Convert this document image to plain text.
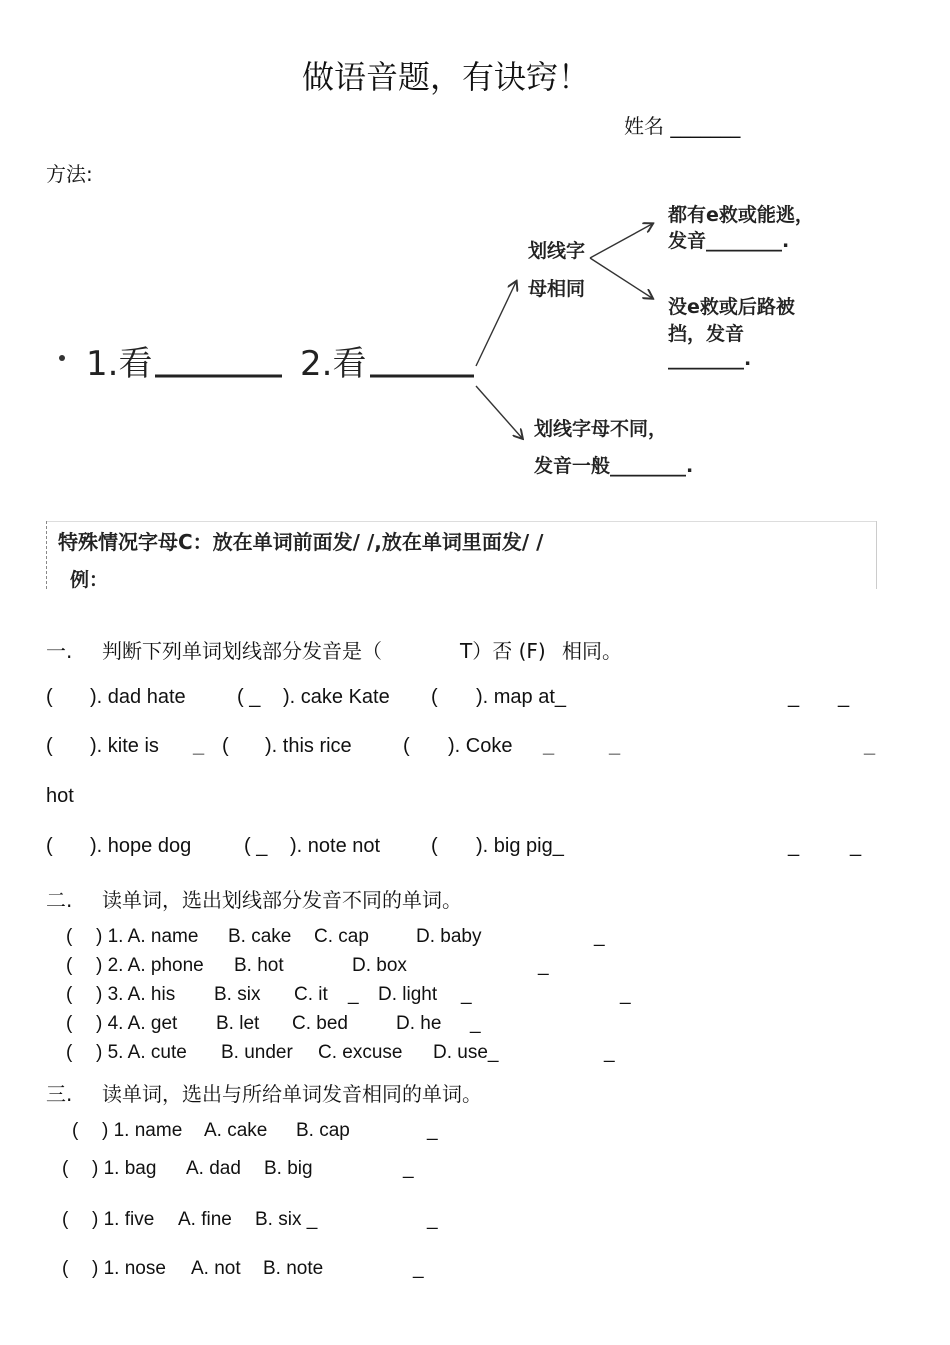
做语音题，有诀窍！
姓名 _______
方法:
1.看	2.看
划线字
母相同
都有e救或能逃，
发音________.
没e救或后路被
挡，发音
________.
划线字母不同，
发音一般________.
特殊情况字母C：放在单词前面发/ /,放在单词里面发/ /
例：
一. 判断下列单词划线部分发音是（	T）否 (F) 相同。
( ). dad hate	( _ ). cake Kate ( ). map at_	_ _
( ). kite is _ ( ). this rice	( ). Coke _	_	_
hot
( ). hope dog	( _ ). note not	( ). big pig_	_	_
二. 读单词，选出划线部分发音不同的单词。
( ) 1. A. name B. cake C. cap D. baby	_
( ) 2. A. phone B. hot	D. box	_
( ) 3. A. his B. six C. it _ D. light _	_
( ) 4. A. get B. let C. bed	D. he _
( ) 5. A. cute B. under C. excuse D. use_	_
三. 读单词，选出与所给单词发音相同的单词。
( ) 1. name A. cake B. cap	_
( ) 1. bag A. dad B. big	_
( ) 1. five A. fine B. six _	_
( ) 1. nose A. not B. note	_
